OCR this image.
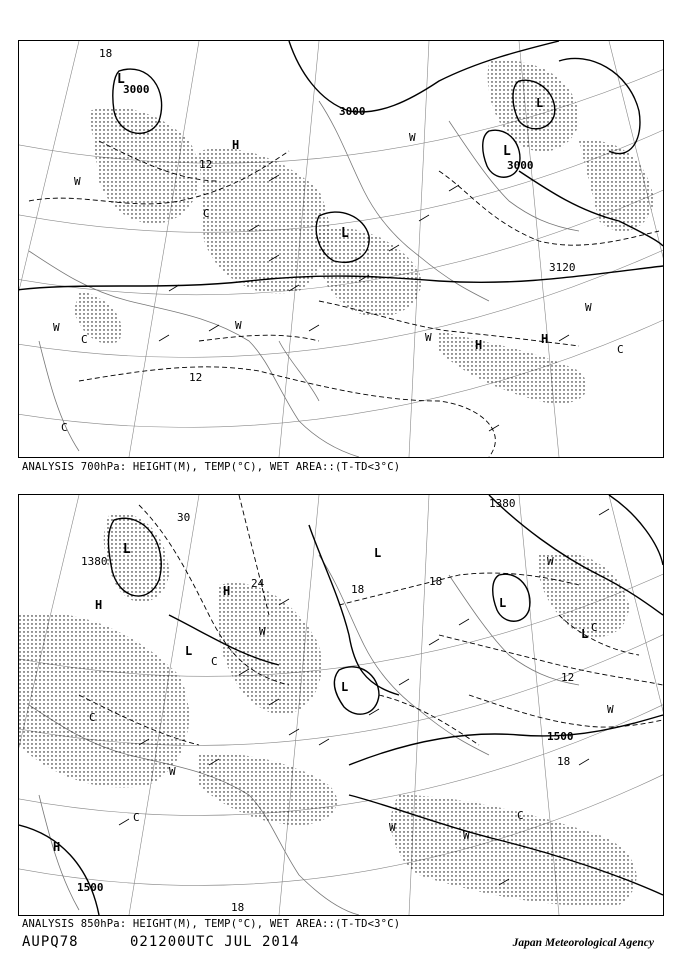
3000
3000
3000
3120
12
12
18
L
L
L
L
H
H	H
W
W	W
W
C
C
C
C
W
W
ANALYSIS 700hPa: HEIGHT(M), TEMP(°C), WET AREA::(T-TD<3°C)
1380
1380
1500
1500
30
24	18
18
12
18
18
L
L
L
L
L
L
H
H
H
W
W
W
W
W
C
C
C
C
C
W
ANALYSIS 850hPa: HEIGHT(M), TEMP(°C), WET AREA::(T-TD<3°C)
AUPQ78	021200UTC JUL 2014	Japan Meteorological Agency
